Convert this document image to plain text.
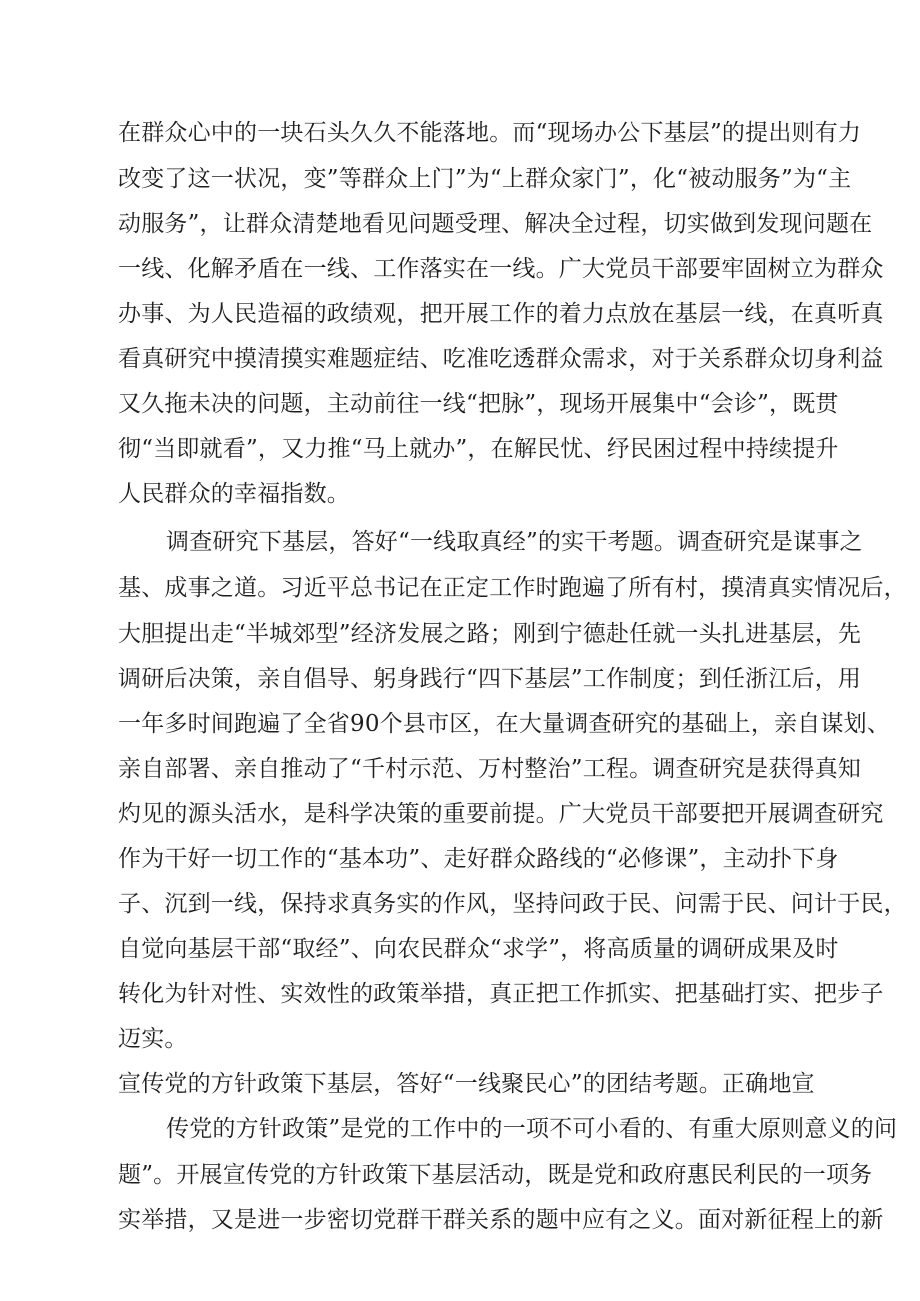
在群众心中的一块石头久久不能落地。而“现场办公下基层”的提出则有力

改变了这一状况，变”等群众上门”为“上群众家门”，化“被动服务”为“主

动服务”，让群众清楚地看见问题受理、解决全过程，切实做到发现问题在

一线、化解矛盾在一线、工作落实在一线。广大党员干部要牢固树立为群众

办事、为人民造福的政绩观，把开展工作的着力点放在基层一线，在真听真

看真研究中摸清摸实难题症结、吃准吃透群众需求，对于关系群众切身利益

又久拖未决的问题，主动前往一线“把脉”，现场开展集中“会诊”，既贯

彻“当即就看”，又力推“马上就办”，在解民忧、纾民困过程中持续提升

人民群众的幸福指数。

调查研究下基层，答好“一线取真经”的实干考题。调查研究是谋事之

基、成事之道。习近平总书记在正定工作时跑遍了所有村，摸清真实情况后，

大胆提出走“半城郊型”经济发展之路；刚到宁德赴任就一头扎进基层，先

调研后决策，亲自倡导、躬身践行“四下基层”工作制度；到任浙江后，用

一年多时间跑遍了全省90个县市区，在大量调查研究的基础上，亲自谋划、

亲自部署、亲自推动了“千村示范、万村整治”工程。调查研究是获得真知

灼见的源头活水，是科学决策的重要前提。广大党员干部要把开展调查研究

作为干好一切工作的“基本功”、走好群众路线的“必修课”，主动扑下身

子、沉到一线，保持求真务实的作风，坚持问政于民、问需于民、问计于民，

自觉向基层干部“取经”、向农民群众“求学”，将高质量的调研成果及时

转化为针对性、实效性的政策举措，真正把工作抓实、把基础打实、把步子

迈实。

宣传党的方针政策下基层，答好“一线聚民心”的团结考题。正确地宣

传党的方针政策”是党的工作中的一项不可小看的、有重大原则意义的问

题”。开展宣传党的方针政策下基层活动，既是党和政府惠民利民的一项务

实举措，又是进一步密切党群干群关系的题中应有之义。面对新征程上的新
